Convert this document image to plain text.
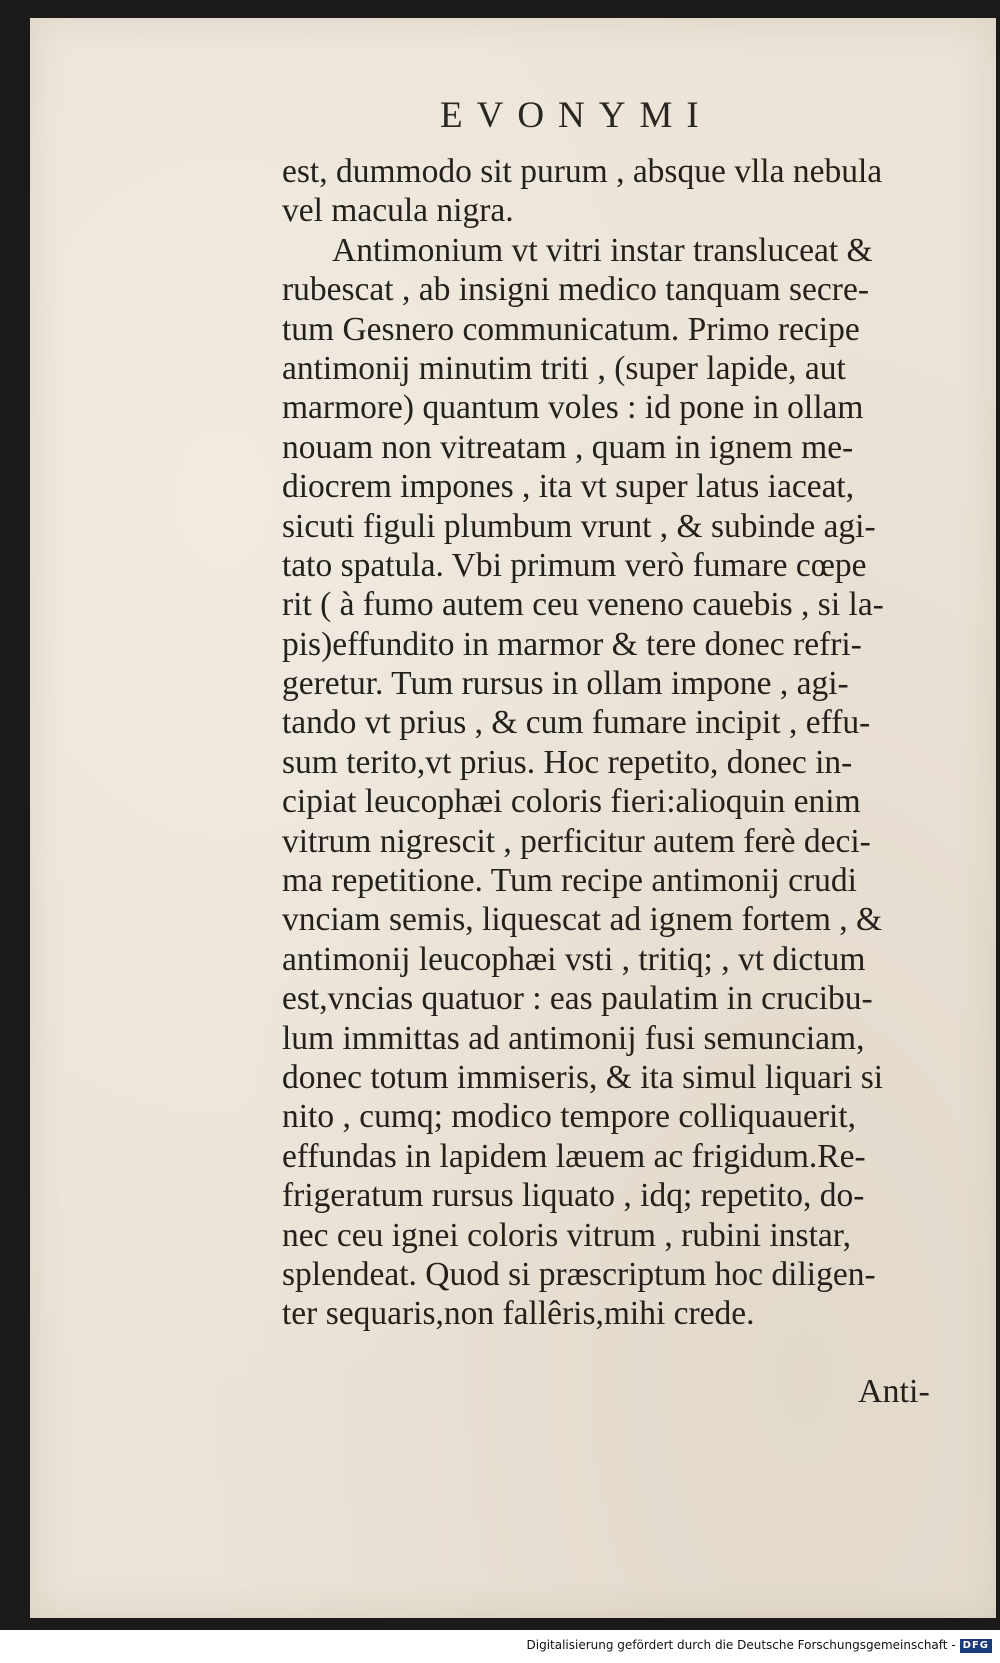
EVONYMI
est, dummodo sit purum , absque vlla nebula
vel macula nigra.
Antimonium vt vitri instar transluceat &
rubescat , ab insigni medico tanquam secre-
tum Gesnero communicatum. Primo recipe
antimonij minutim triti , (super lapide, aut
marmore) quantum voles : id pone in ollam
nouam non vitreatam , quam in ignem me-
diocrem impones , ita vt super latus iaceat,
sicuti figuli plumbum vrunt , & subinde agi-
tato spatula. Vbi primum verò fumare cœpe
rit ( à fumo autem ceu veneno cauebis , si la-
pis)effundito in marmor & tere donec refri-
geretur. Tum rursus in ollam impone , agi-
tando vt prius , & cum fumare incipit , effu-
sum terito,vt prius. Hoc repetito, donec in-
cipiat leucophæi coloris fieri:alioquin enim
vitrum nigrescit , perficitur autem ferè deci-
ma repetitione. Tum recipe antimonij crudi
vnciam semis, liquescat ad ignem fortem , &
antimonij leucophæi vsti , tritiq; , vt dictum
est,vncias quatuor : eas paulatim in crucibu-
lum immittas ad antimonij fusi semunciam,
donec totum immiseris, & ita simul liquari si
nito , cumq; modico tempore colliquauerit,
effundas in lapidem læuem ac frigidum.Re-
frigeratum rursus liquato , idq; repetito, do-
nec ceu ignei coloris vitrum , rubini instar,
splendeat. Quod si præscriptum hoc diligen-
ter sequaris,non fallêris,mihi crede.
Anti-
Digitalisierung gefördert durch die Deutsche Forschungsgemeinschaft - DFG
